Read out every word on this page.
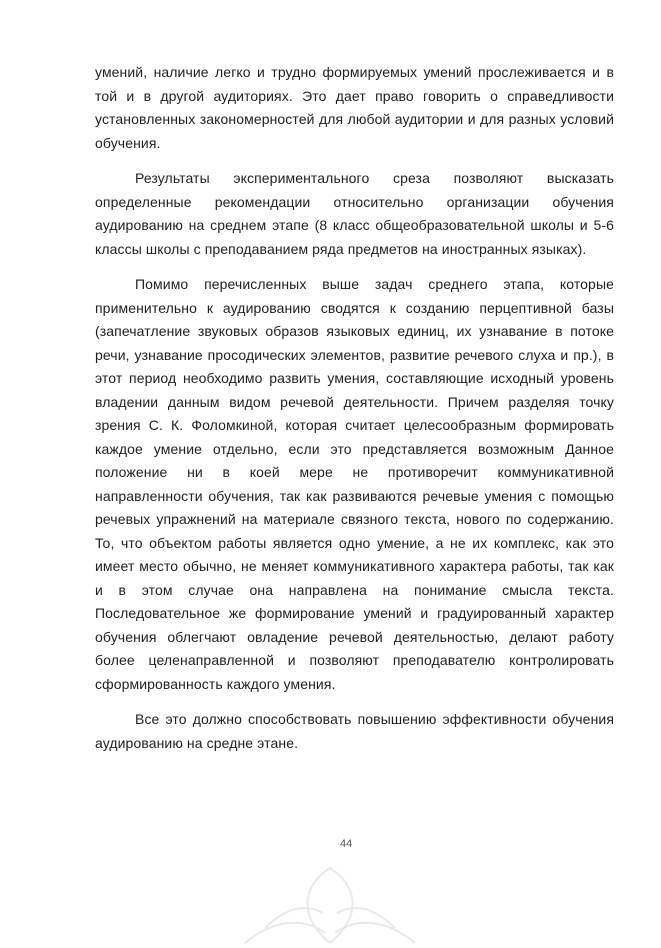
умений, наличие легко и трудно формируемых умений прослеживается и в той и в другой аудиториях. Это дает право говорить о справедливости установленных закономерностей для любой аудитории и для разных условий обучения.

Результаты экспериментального среза позволяют высказать определенные рекомендации относительно организации обучения аудированию на среднем этапе (8 класс общеобразовательной школы и 5-6 классы школы с преподаванием ряда предметов на иностранных языках).

Помимо перечисленных выше задач среднего этапа, которые применительно к аудированию сводятся к созданию перцептивной базы (запечатление звуковых образов языковых единиц, их узнавание в потоке речи, узнавание просодических элементов, развитие речевого слуха и пр.), в этот период необходимо развить умения, составляющие исходный уровень владении данным видом речевой деятельности. Причем разделяя точку зрения С. К. Фоломкиной, которая считает целесообразным формировать каждое умение отдельно, если это представляется возможным Данное положение ни в коей мере не противоречит коммуникативной направленности обучения, так как развиваются речевые умения с помощью речевых упражнений на материале связного текста, нового по содержанию. То, что объектом работы является одно умение, а не их комплекс, как это имеет место обычно, не меняет коммуникативного характера работы, так как и в этом случае она направлена на понимание смысла текста. Последовательное же формирование умений и градуированный характер обучения облегчают овладение речевой деятельностью, делают работу более целенаправленной и позволяют преподавателю контролировать сформированность каждого умения.

Все это должно способствовать повышению эффективности обучения аудированию на средне этане.

44
